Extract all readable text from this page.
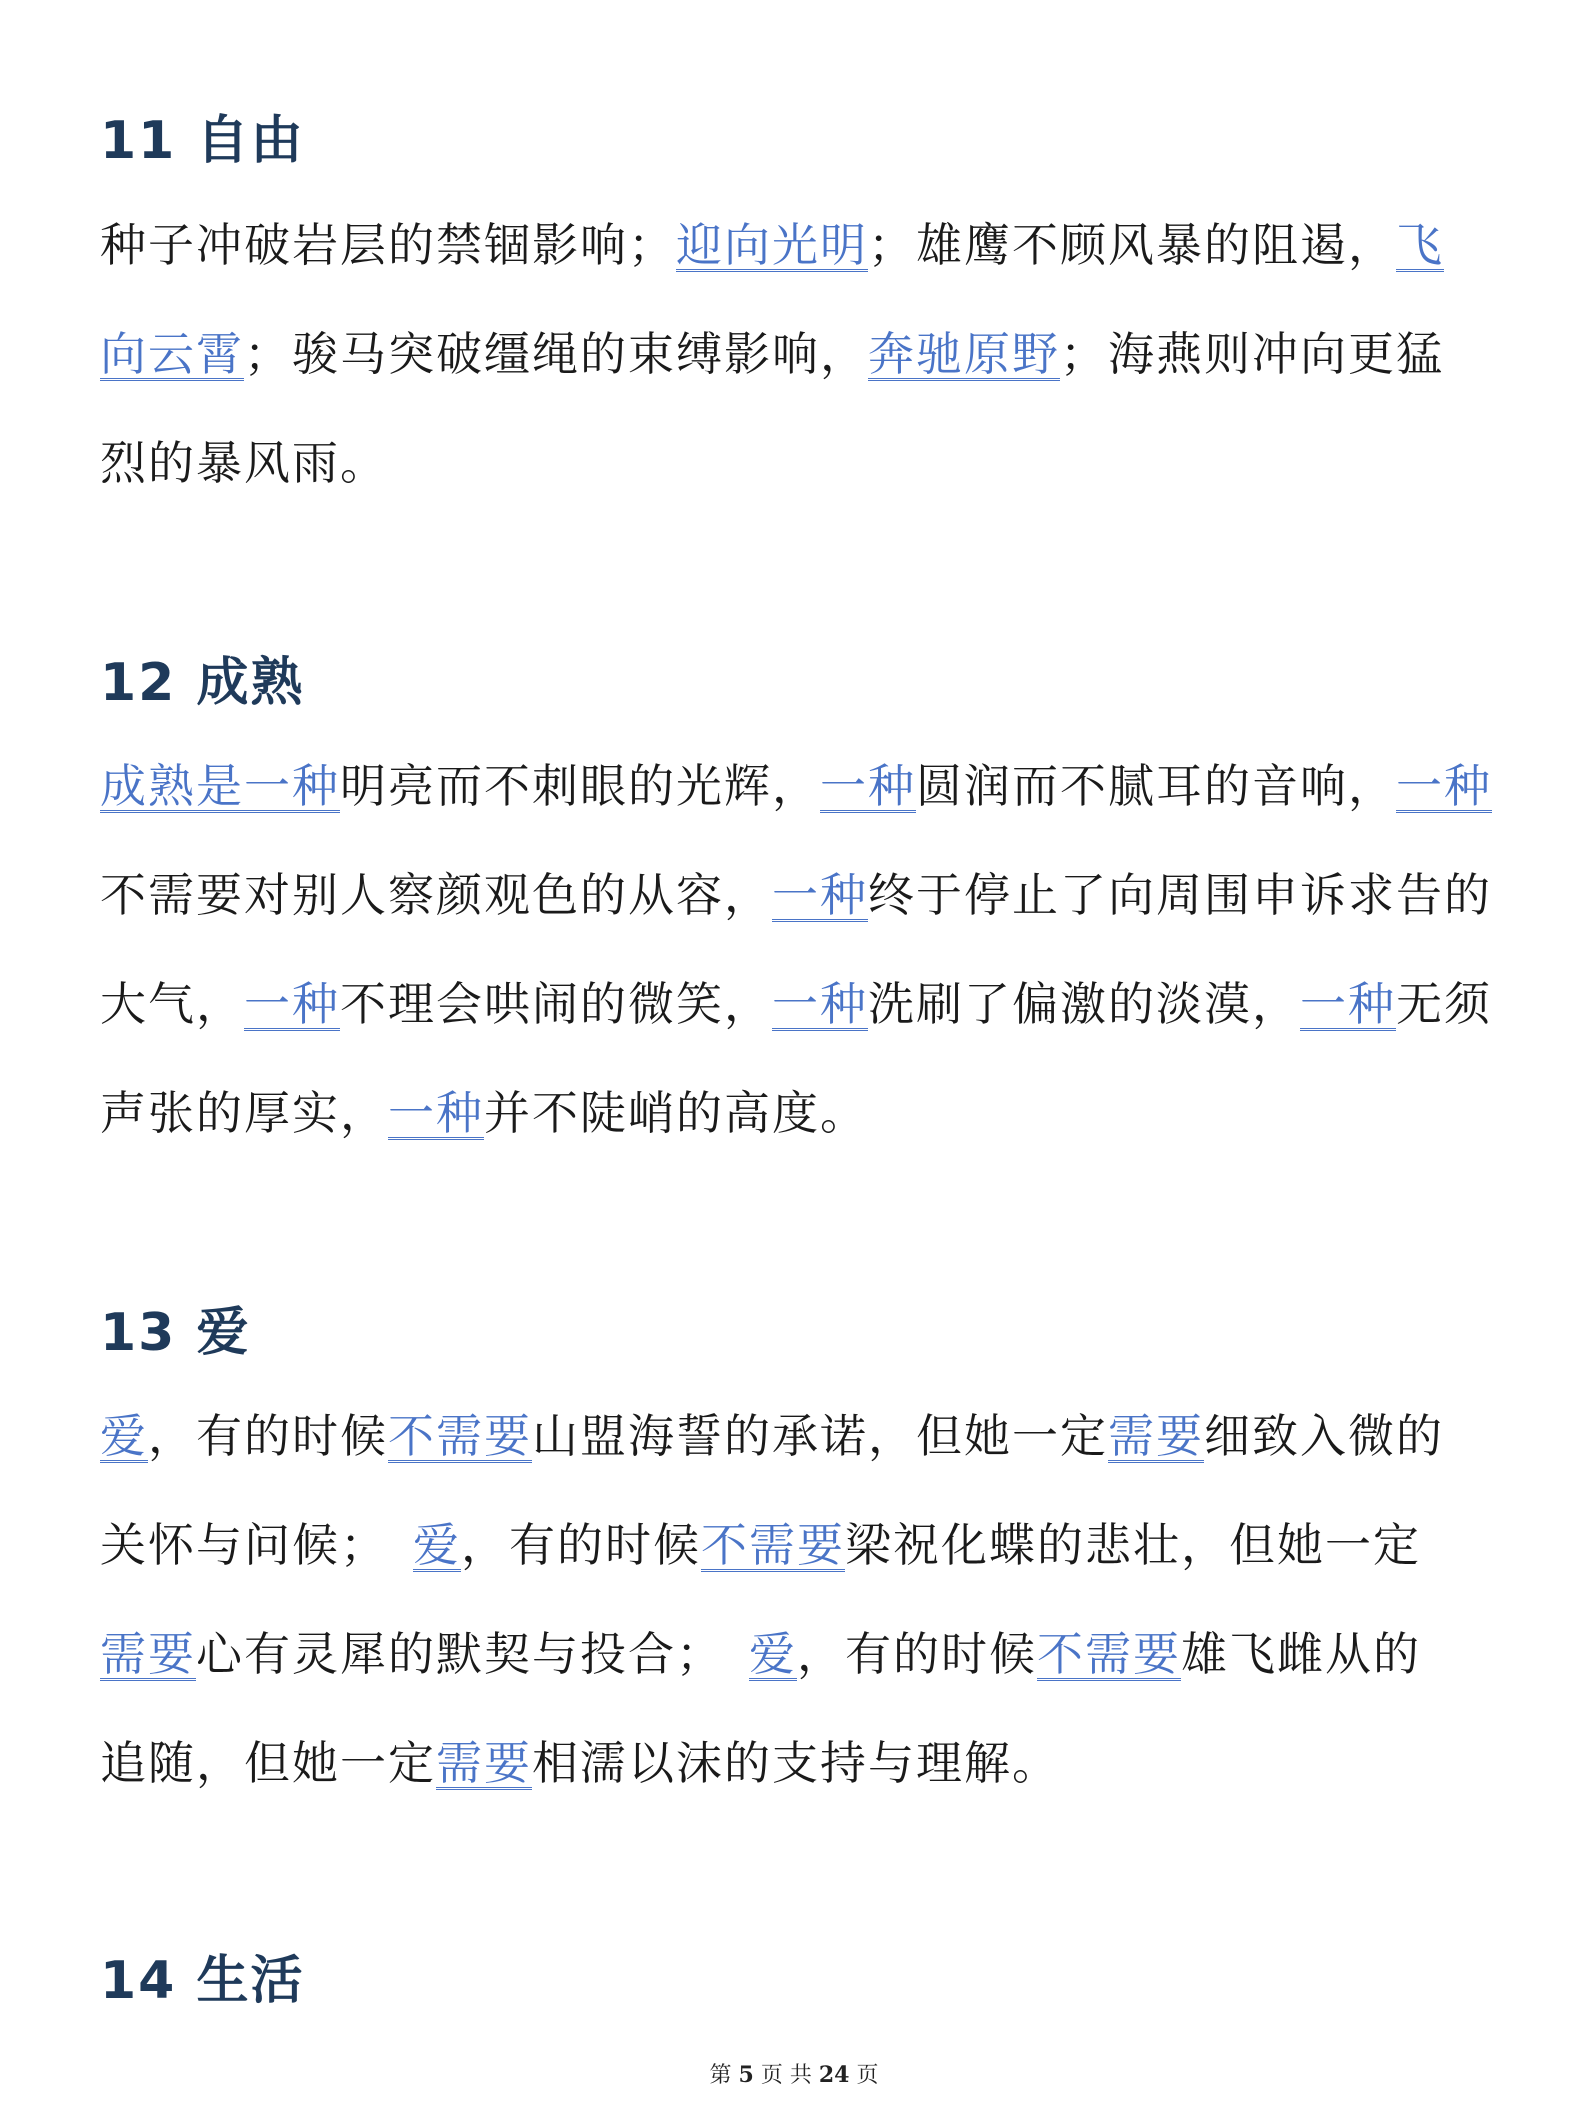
11 自由
种子冲破岩层的禁锢影响；迎向光明；雄鹰不顾风暴的阻遏，飞
向云霄；骏马突破缰绳的束缚影响，奔驰原野；海燕则冲向更猛
烈的暴风雨。
12 成熟
成熟是一种明亮而不刺眼的光辉，一种圆润而不腻耳的音响，一种
不需要对别人察颜观色的从容，一种终于停止了向周围申诉求告的
大气，一种不理会哄闹的微笑，一种洗刷了偏激的淡漠，一种无须
声张的厚实，一种并不陡峭的高度。
13 爱
爱，有的时候不需要山盟海誓的承诺，但她一定需要细致入微的
关怀与问候；　爱，有的时候不需要梁祝化蝶的悲壮，但她一定
需要心有灵犀的默契与投合；　爱，有的时候不需要雄飞雌从的
追随，但她一定需要相濡以沫的支持与理解。
14 生活
第 5 页 共 24 页
